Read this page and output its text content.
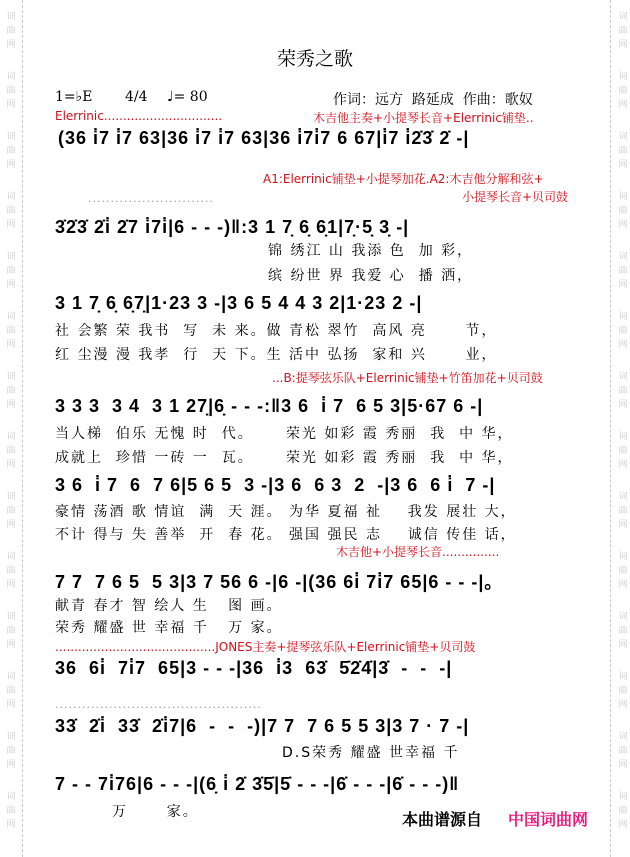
词
曲
网
词
曲
网
词
曲
网
词
曲
网
词
曲
网
词
曲
网
词
曲
网
词
曲
网
词
曲
网
词
曲
网
词
曲
网
词
曲
网
词
曲
网
词
曲
网
词
曲
网
词
曲
网
词
曲
网
词
曲
网
词
曲
网
词
曲
网
词
曲
网
词
曲
网
词
曲
网
词
曲
网
词
曲
网
词
曲
网
词
曲
网
词
曲
网
荣秀之歌
1=♭E 4/4 ♩= 80	作词：远方  路延成  作曲：歌奴
Elerrinic...............................	木吉他主奏+小提琴长音+Elerrinic铺垫..
A1:Elerrinic铺垫+小提琴加花.A2:木吉他分解和弦+
小提琴长音+贝司鼓
............................
...B:提琴弦乐队+Elerrinic铺垫+竹笛加花+贝司鼓
木吉他+小提琴长音...............
..........................................JONES主奏+提琴弦乐队+Elerrinic铺垫+贝司鼓
..............................................
(36 i̇7 i̇7 63|36 i̇7 i̇7 63|36 i̇7i̇7 6 67|i̇7 i̇2̇3̇ 2̇ -|
3̇2̇3̇ 2̇i̇ 2̇7 i̇7i̇|6 - - -)‖:3 1 7̣ 6̣ 6̣1|7̣·5̣ 3̣ -|
锦 绣江 山 我添 色  加 彩，
缤 纷世 界 我爱 心  播 洒，
3 1 7̣ 6̣ 6̣7̣|1·23 3 -|3 6 5 4 4 3 2|1·23 2 -|
社 会繁 荣 我书  写  未 来。做 青松 翠竹  高风 亮      节，
红 尘漫 漫 我孝  行  天 下。生 活中 弘扬  家和 兴      业，
3 3 3  3 4  3 1 27̣|6̣ - - -:‖3 6  i̇ 7  6 5 3|5·67 6 -|
当人梯  伯乐 无愧 时  代。     荣光 如彩 霞 秀丽  我  中 华，
成就上  珍惜 一砖 一  瓦。     荣光 如彩 霞 秀丽  我  中 华，
3 6  i̇ 7  6  7 6|5 6 5  3 -|3 6  6 3  2  -|3 6  6 i̇  7 -|
豪情 荡酒 歌 情谊  满  天 涯。 为华 夏福 祉    我发 展壮 大，
不计 得与 失 善举  开  春 花。 强国 强民 志    诚信 传佳 话，
7 7  7 6 5  5 3|3 7 56 6 -|6 -|(36 6i̇ 7i̇7 65|6 - - -|。
献青 春才 智 绘人 生   图 画。
荣秀 耀盛 世 幸福 千   万 家。
36  6i̇  7i̇7  65|3 - - -|36  i̇3  63̇  5̇2̇4̇|3̇  -  -  -|
33̇  2̇i̇  33̇  2̇i̇7|6  -  -  -)|7 7  7 6 5 5 3|3 7 · 7 -|
D.S荣秀 耀盛 世幸福 千
7 - - 7i̇76|6 - - -|(6̣ i̇ 2̇ 3̇5̇|5̇ - - -|6̇ - - -|6̇ - - -)‖
万      家。	本曲谱源自 中国词曲网
